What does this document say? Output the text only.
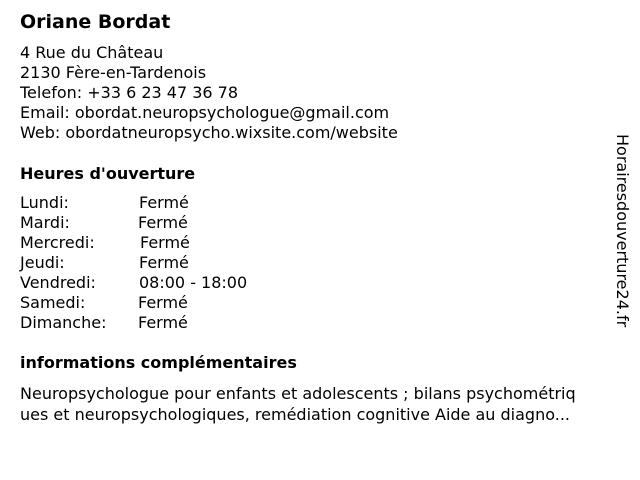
Oriane Bordat
4 Rue du Château
2130 Fère-en-Tardenois
Telefon: +33 6 23 47 36 78
Email: obordat.neuropsychologue@gmail.com
Web: obordatneuropsycho.wixsite.com/website
Heures d'ouverture
Lundi:	Fermé
Mardi:	Fermé
Mercredi:	Fermé
Jeudi:	Fermé
Vendredi:	08:00 - 18:00
Samedi:	Fermé
Dimanche: Fermé
informations complémentaires
Neuropsychologue pour enfants et adolescents ; bilans psychométriq
ues et neuropsychologiques, remédiation cognitive Aide au diagno...
Horairesdouverture24.fr
